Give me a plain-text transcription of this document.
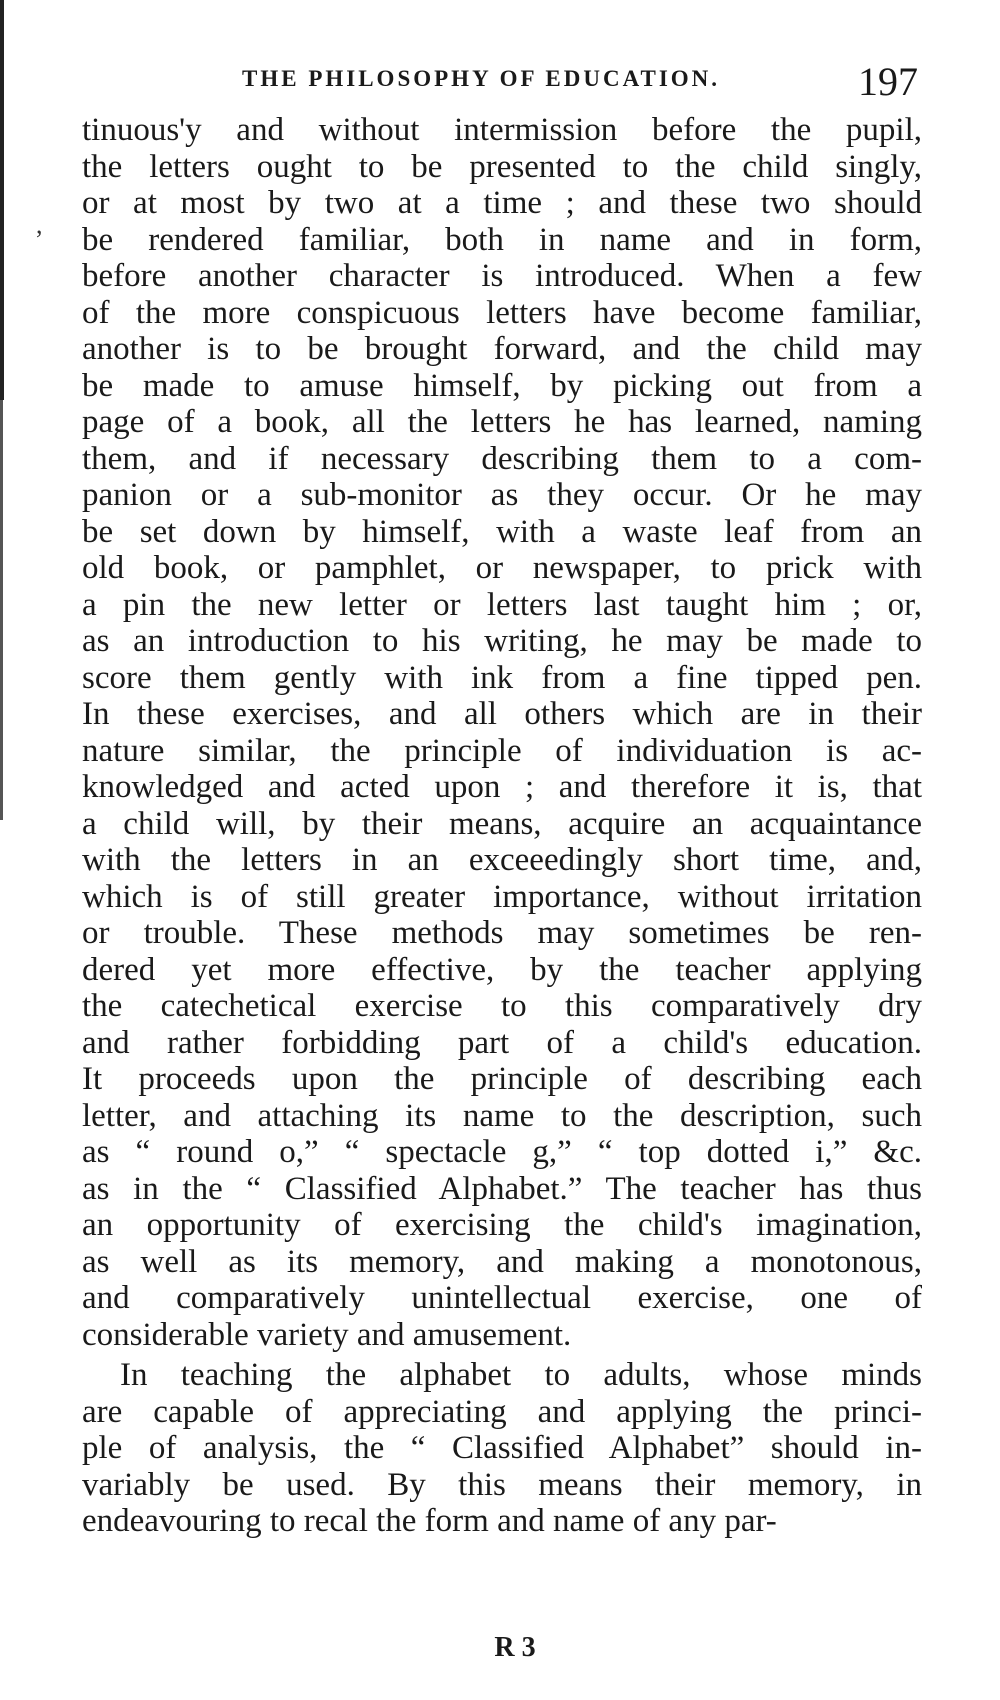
,
THE PHILOSOPHY OF EDUCATION.	197
tinuous'y and without intermission before the pupil,
the letters ought to be presented to the child singly,
or at most by two at a time ; and these two should
be rendered familiar, both in name and in form,
before another character is introduced. When a few
of the more conspicuous letters have become familiar,
another is to be brought forward, and the child may
be made to amuse himself, by picking out from a
page of a book, all the letters he has learned, naming
them, and if necessary describing them to a com-
panion or a sub-monitor as they occur. Or he may
be set down by himself, with a waste leaf from an
old book, or pamphlet, or newspaper, to prick with
a pin the new letter or letters last taught him ; or,
as an introduction to his writing, he may be made to
score them gently with ink from a fine tipped pen.
In these exercises, and all others which are in their
nature similar, the principle of individuation is ac-
knowledged and acted upon ; and therefore it is, that
a child will, by their means, acquire an acquaintance
with the letters in an exceeedingly short time, and,
which is of still greater importance, without irritation
or trouble. These methods may sometimes be ren-
dered yet more effective, by the teacher applying
the catechetical exercise to this comparatively dry
and rather forbidding part of a child's education.
It proceeds upon the principle of describing each
letter, and attaching its name to the description, such
as “ round o,” “ spectacle g,” “ top dotted i,” &c.
as in the “ Classified Alphabet.” The teacher has thus
an opportunity of exercising the child's imagination,
as well as its memory, and making a monotonous,
and comparatively unintellectual exercise, one of
considerable variety and amusement.
In teaching the alphabet to adults, whose minds
are capable of appreciating and applying the princi-
ple of analysis, the “ Classified Alphabet” should in-
variably be used. By this means their memory, in
endeavouring to recal the form and name of any par-
R 3
